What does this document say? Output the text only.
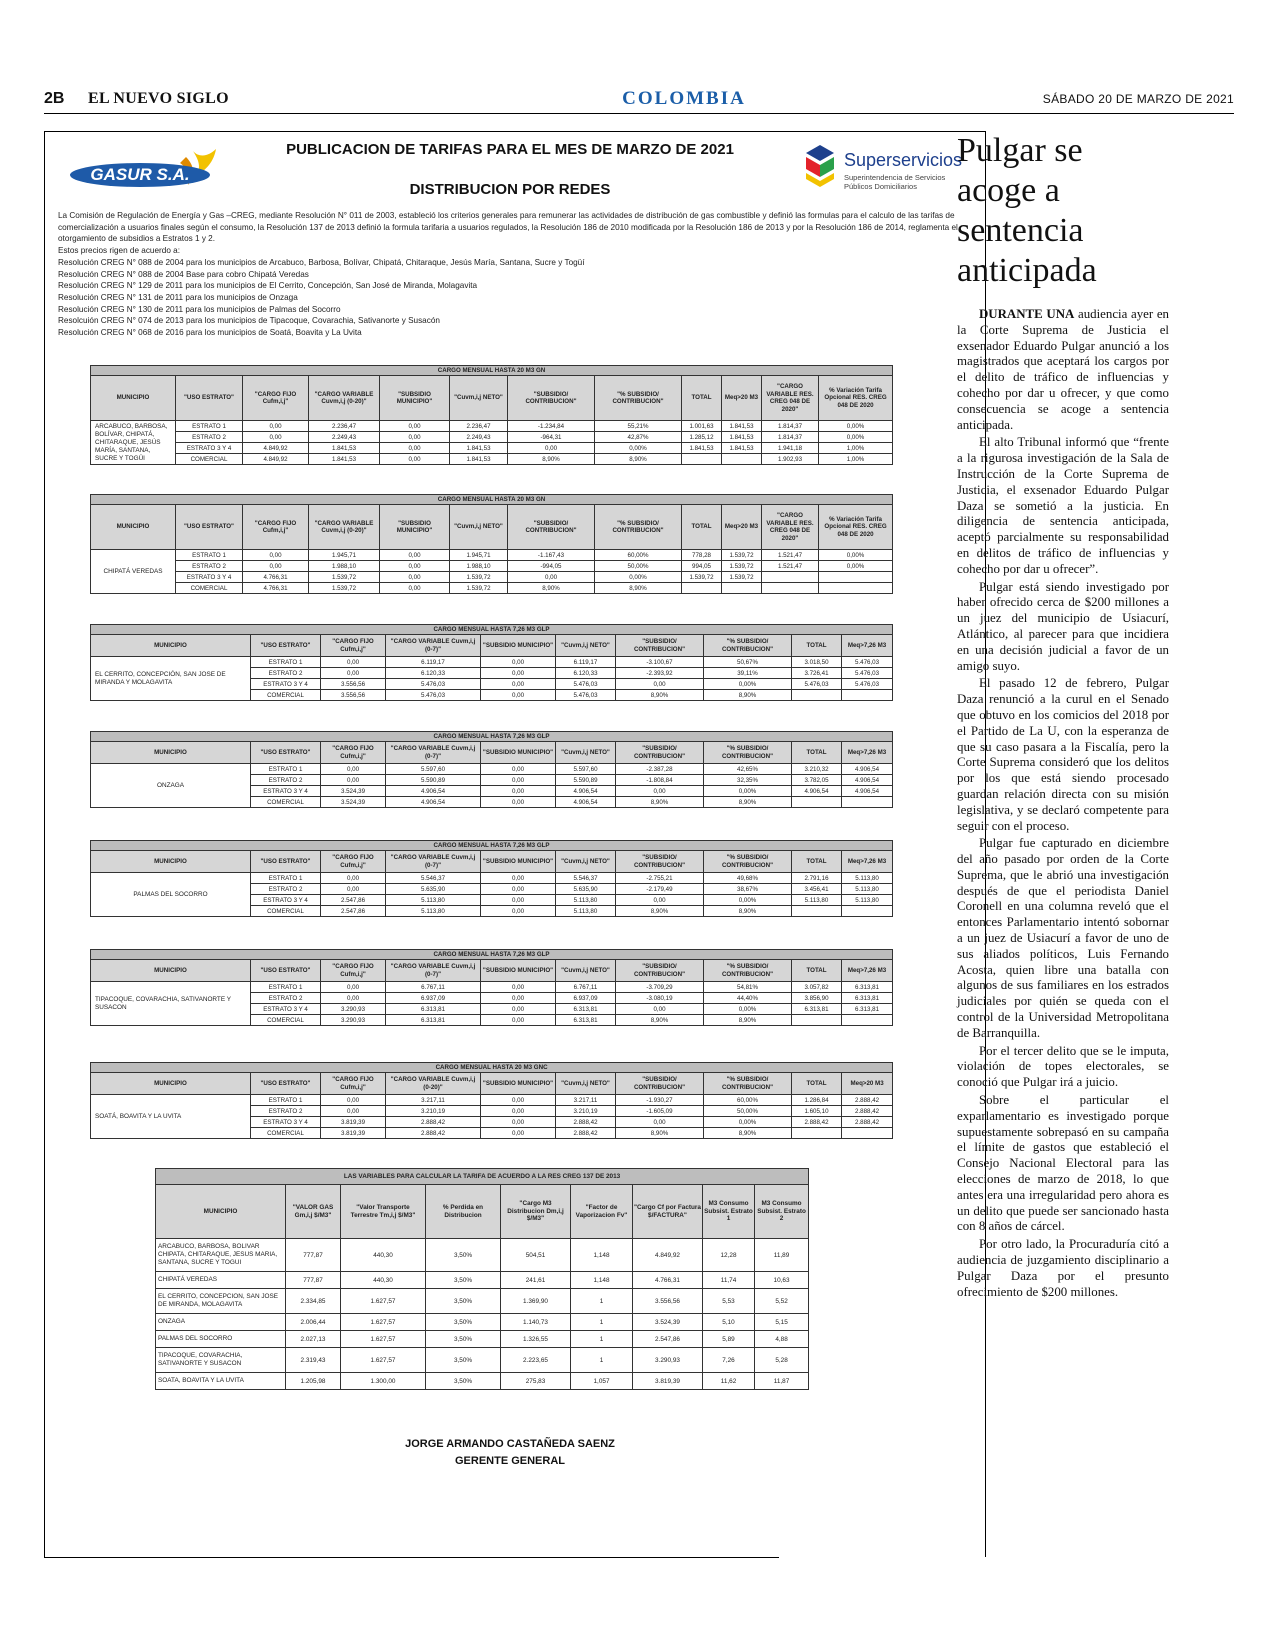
2B EL NUEVO SIGLO	COLOMBIA	SÁBADO 20 DE MARZO DE 2021
GASUR S.A.
PUBLICACION DE TARIFAS PARA EL MES DE MARZO DE 2021
DISTRIBUCION POR REDES
Superservicios
Superintendencia de Servicios Públicos Domiciliarios
La Comisión de Regulación de Energía y Gas –CREG, mediante Resolución N° 011 de 2003, estableció los criterios generales para remunerar las actividades de distribución de gas combustible y definió las formulas para el calculo de las tarifas de comercialización a usuarios finales según el consumo, la Resolución 137 de 2013 definió la formula tarifaria a usuarios regulados, la Resolución 186 de 2010 modificada por la Resolución 186 de 2013 y por la Resolución 186 de 2014, reglamenta el otorgamiento de subsidios a Estratos 1 y 2.

Estos precios rigen de acuerdo a:
Resolución CREG N° 088 de 2004 para los municipios de Arcabuco, Barbosa, Bolívar, Chipatá, Chitaraque, Jesús María, Santana, Sucre y Togüí
Resolución CREG N° 088 de 2004 Base para cobro Chipatá Veredas
Resolución CREG N° 129 de 2011 para los municipios de El Cerrito, Concepción, San José de Miranda, Molagavita
Resolución CREG N° 131 de 2011 para los municipios de Onzaga
Resolución CREG N° 130 de 2011 para los municipios de Palmas del Socorro
Resolcuión CREG N° 074 de 2013 para los municipios de Tipacoque, Covarachia, Sativanorte y Susacón
Resolución CREG N° 068 de 2016 para los municipios de Soatá, Boavita y La Uvita
CARGO MENSUAL HASTA 20 M3 GN											
MUNICIPIO	"USO ESTRATO"	"CARGO FIJO Cufm,i,j"	"CARGO VARIABLE Cuvm,i,j (0-20)"	"SUBSIDIO MUNICIPIO"	"Cuvm,i,j NETO"	"SUBSIDIO/ CONTRIBUCION"	"% SUBSIDIO/ CONTRIBUCION"	TOTAL	Meq>20 M3	"CARGO VARIABLE RES. CREG 048 DE 2020"	% Variación Tarifa Opcional RES. CREG 048 DE 2020
ARCABUCO, BARBOSA, BOLÍVAR, CHIPATÁ, CHITARAQUE, JESÚS MARÍA, SANTANA, SUCRE Y TOGÜI	ESTRATO 1	0,00	2.236,47	0,00	2.236,47	-1.234,84	55,21%	1.001,63	1.841,53	1.814,37	0,00%
	ESTRATO 2	0,00	2.249,43	0,00	2.249,43	-964,31	42,87%	1.285,12	1.841,53	1.814,37	0,00%
	ESTRATO 3 Y 4	4.849,92	1.841,53	0,00	1.841,53	0,00	0,00%	1.841,53	1.841,53	1.941,18	1,00%
	COMERCIAL	4.849,92	1.841,53	0,00	1.841,53	8,90%	8,90%			1.902,93	1,00%
CARGO MENSUAL HASTA 20 M3 GN											
MUNICIPIO	"USO ESTRATO"	"CARGO FIJO Cufm,i,j"	"CARGO VARIABLE Cuvm,i,j (0-20)"	"SUBSIDIO MUNICIPIO"	"Cuvm,i,j NETO"	"SUBSIDIO/ CONTRIBUCION"	"% SUBSIDIO/ CONTRIBUCION"	TOTAL	Meq>20 M3	"CARGO VARIABLE RES. CREG 048 DE 2020"	% Variación Tarifa Opcional RES. CREG 048 DE 2020
CHIPATÁ VEREDAS	ESTRATO 1	0,00	1.945,71	0,00	1.945,71	-1.167,43	60,00%	778,28	1.539,72	1.521,47	0,00%
	ESTRATO 2	0,00	1.988,10	0,00	1.988,10	-994,05	50,00%	994,05	1.539,72	1.521,47	0,00%
	ESTRATO 3 Y 4	4.766,31	1.539,72	0,00	1.539,72	0,00	0,00%	1.539,72	1.539,72		
	COMERCIAL	4.766,31	1.539,72	0,00	1.539,72	8,90%	8,90%				
CARGO MENSUAL HASTA 7,26 M3 GLP									
MUNICIPIO	"USO ESTRATO"	"CARGO FIJO Cufm,i,j"	"CARGO VARIABLE Cuvm,i,j (0-7)"	"SUBSIDIO MUNICIPIO"	"Cuvm,i,j NETO"	"SUBSIDIO/ CONTRIBUCION"	"% SUBSIDIO/ CONTRIBUCION"	TOTAL	Meq>7,26 M3
EL CERRITO, CONCEPCIÓN, SAN JOSE DE MIRANDA Y MOLAGAVITA	ESTRATO 1	0,00	6.119,17	0,00	6.119,17	-3.100,67	50,67%	3.018,50	5.476,03
	ESTRATO 2	0,00	6.120,33	0,00	6.120,33	-2.393,92	39,11%	3.726,41	5.476,03
	ESTRATO 3 Y 4	3.556,56	5.476,03	0,00	5.476,03	0,00	0,00%	5.476,03	5.476,03
	COMERCIAL	3.556,56	5.476,03	0,00	5.476,03	8,90%	8,90%		
CARGO MENSUAL HASTA 7,26 M3 GLP									
MUNICIPIO	"USO ESTRATO"	"CARGO FIJO Cufm,i,j"	"CARGO VARIABLE Cuvm,i,j (0-7)"	"SUBSIDIO MUNICIPIO"	"Cuvm,i,j NETO"	"SUBSIDIO/ CONTRIBUCION"	"% SUBSIDIO/ CONTRIBUCION"	TOTAL	Meq>7,26 M3
ONZAGA	ESTRATO 1	0,00	5.597,60	0,00	5.597,60	-2.387,28	42,65%	3.210,32	4.906,54
	ESTRATO 2	0,00	5.590,89	0,00	5.590,89	-1.808,84	32,35%	3.782,05	4.906,54
	ESTRATO 3 Y 4	3.524,39	4.906,54	0,00	4.906,54	0,00	0,00%	4.906,54	4.906,54
	COMERCIAL	3.524,39	4.906,54	0,00	4.906,54	8,90%	8,90%		
CARGO MENSUAL HASTA 7,26 M3 GLP									
MUNICIPIO	"USO ESTRATO"	"CARGO FIJO Cufm,i,j"	"CARGO VARIABLE Cuvm,i,j (0-7)"	"SUBSIDIO MUNICIPIO"	"Cuvm,i,j NETO"	"SUBSIDIO/ CONTRIBUCION"	"% SUBSIDIO/ CONTRIBUCION"	TOTAL	Meq>7,26 M3
PALMAS DEL SOCORRO	ESTRATO 1	0,00	5.546,37	0,00	5.546,37	-2.755,21	49,68%	2.791,16	5.113,80
	ESTRATO 2	0,00	5.635,90	0,00	5.635,90	-2.179,49	38,67%	3.456,41	5.113,80
	ESTRATO 3 Y 4	2.547,86	5.113,80	0,00	5.113,80	0,00	0,00%	5.113,80	5.113,80
	COMERCIAL	2.547,86	5.113,80	0,00	5.113,80	8,90%	8,90%		
CARGO MENSUAL HASTA 7,26 M3 GLP									
MUNICIPIO	"USO ESTRATO"	"CARGO FIJO Cufm,i,j"	"CARGO VARIABLE Cuvm,i,j (0-7)"	"SUBSIDIO MUNICIPIO"	"Cuvm,i,j NETO"	"SUBSIDIO/ CONTRIBUCION"	"% SUBSIDIO/ CONTRIBUCION"	TOTAL	Meq>7,26 M3
TIPACOQUE, COVARACHIA, SATIVANORTE Y SUSACON	ESTRATO 1	0,00	6.767,11	0,00	6.767,11	-3.709,29	54,81%	3.057,82	6.313,81
	ESTRATO 2	0,00	6.937,09	0,00	6.937,09	-3.080,19	44,40%	3.856,90	6.313,81
	ESTRATO 3 Y 4	3.290,93	6.313,81	0,00	6.313,81	0,00	0,00%	6.313,81	6.313,81
	COMERCIAL	3.290,93	6.313,81	0,00	6.313,81	8,90%	8,90%		
CARGO MENSUAL HASTA 20 M3 GNC									
MUNICIPIO	"USO ESTRATO"	"CARGO FIJO Cufm,i,j"	"CARGO VARIABLE Cuvm,i,j (0-20)"	"SUBSIDIO MUNICIPIO"	"Cuvm,i,j NETO"	"SUBSIDIO/ CONTRIBUCION"	"% SUBSIDIO/ CONTRIBUCION"	TOTAL	Meq>20 M3
SOATÁ, BOAVITA Y LA UVITA	ESTRATO 1	0,00	3.217,11	0,00	3.217,11	-1.930,27	60,00%	1.286,84	2.888,42
	ESTRATO 2	0,00	3.210,19	0,00	3.210,19	-1.605,09	50,00%	1.605,10	2.888,42
	ESTRATO 3 Y 4	3.819,39	2.888,42	0,00	2.888,42	0,00	0,00%	2.888,42	2.888,42
	COMERCIAL	3.819,39	2.888,42	0,00	2.888,42	8,90%	8,90%		
LAS VARIABLES PARA CALCULAR LA TARIFA DE ACUERDO A LA RES CREG 137 DE 2013								
MUNICIPIO	"VALOR GAS Gm,i,j $/M3"	"Valor Transporte Terrestre Tm,i,j $/M3"	% Perdida en Distribucion	"Cargo M3 Distribucion Dm,i,j $/M3"	"Factor de Vaporizacion Fv"	"Cargo Cf por Factura $/FACTURA"	M3 Consumo Subsist. Estrato 1	M3 Consumo Subsist. Estrato 2
ARCABUCO, BARBOSA, BOLIVAR CHIPATA, CHITARAQUE, JESUS MARIA, SANTANA, SUCRE Y TOGUI	777,87	440,30	3,50%	504,51	1,148	4.849,92	12,28	11,89
CHIPATÁ VEREDAS	777,87	440,30	3,50%	241,61	1,148	4.766,31	11,74	10,63
EL CERRITO, CONCEPCION, SAN JOSE DE MIRANDA, MOLAGAVITA	2.334,85	1.627,57	3,50%	1.369,90	1	3.556,56	5,53	5,52
ONZAGA	2.006,44	1.627,57	3,50%	1.140,73	1	3.524,39	5,10	5,15
PALMAS DEL SOCORRO	2.027,13	1.627,57	3,50%	1.326,55	1	2.547,86	5,89	4,88
TIPACOQUE, COVARACHIA, SATIVANORTE Y SUSACON	2.319,43	1.627,57	3,50%	2.223,65	1	3.290,93	7,26	5,28
SOATA, BOAVITA Y LA UVITA	1.205,98	1.300,00	3,50%	275,83	1,057	3.819,39	11,62	11,87
JORGE ARMANDO CASTAÑEDA SAENZ
GERENTE GENERAL
Pulgar se acoge a sentencia anticipada

DURANTE UNA audiencia ayer en la Corte Suprema de Justicia el exsenador Eduardo Pulgar anunció a los magistrados que aceptará los cargos por el delito de tráfico de influencias y cohecho por dar u ofrecer, y que como consecuencia se acoge a sentencia anticipada.

El alto Tribunal informó que “frente a la rigurosa investigación de la Sala de Instrucción de la Corte Suprema de Justicia, el exsenador Eduardo Pulgar Daza se sometió a la justicia. En diligencia de sentencia anticipada, aceptó parcialmente su responsabilidad en delitos de tráfico de influencias y cohecho por dar u ofrecer”.

Pulgar está siendo investigado por haber ofrecido cerca de $200 millones a un juez del municipio de Usiacurí, Atlántico, al parecer para que incidiera en una decisión judicial a favor de un amigo suyo.

El pasado 12 de febrero, Pulgar Daza renunció a la curul en el Senado que obtuvo en los comicios del 2018 por el Partido de La U, con la esperanza de que su caso pasara a la Fiscalía, pero la Corte Suprema consideró que los delitos por los que está siendo procesado guardan relación directa con su misión legislativa, y se declaró competente para seguir con el proceso.

Pulgar fue capturado en diciembre del año pasado por orden de la Corte Suprema, que le abrió una investigación después de que el periodista Daniel Coronell en una columna reveló que el entonces Parlamentario intentó sobornar a un juez de Usiacurí a favor de uno de sus aliados políticos, Luis Fernando Acosta, quien libre una batalla con algunos de sus familiares en los estrados judiciales por quién se queda con el control de la Universidad Metropolitana de Barranquilla.

Por el tercer delito que se le imputa, violación de topes electorales, se conoció que Pulgar irá a juicio.

Sobre el particular el exparlamentario es investigado porque supuestamente sobrepasó en su campaña el límite de gastos que estableció el Consejo Nacional Electoral para las elecciones de marzo de 2018, lo que antes era una irregularidad pero ahora es un delito que puede ser sancionado hasta con 8 años de cárcel.

Por otro lado, la Procuraduría citó a audiencia de juzgamiento disciplinario a Pulgar Daza por el presunto ofrecimiento de $200 millones.
